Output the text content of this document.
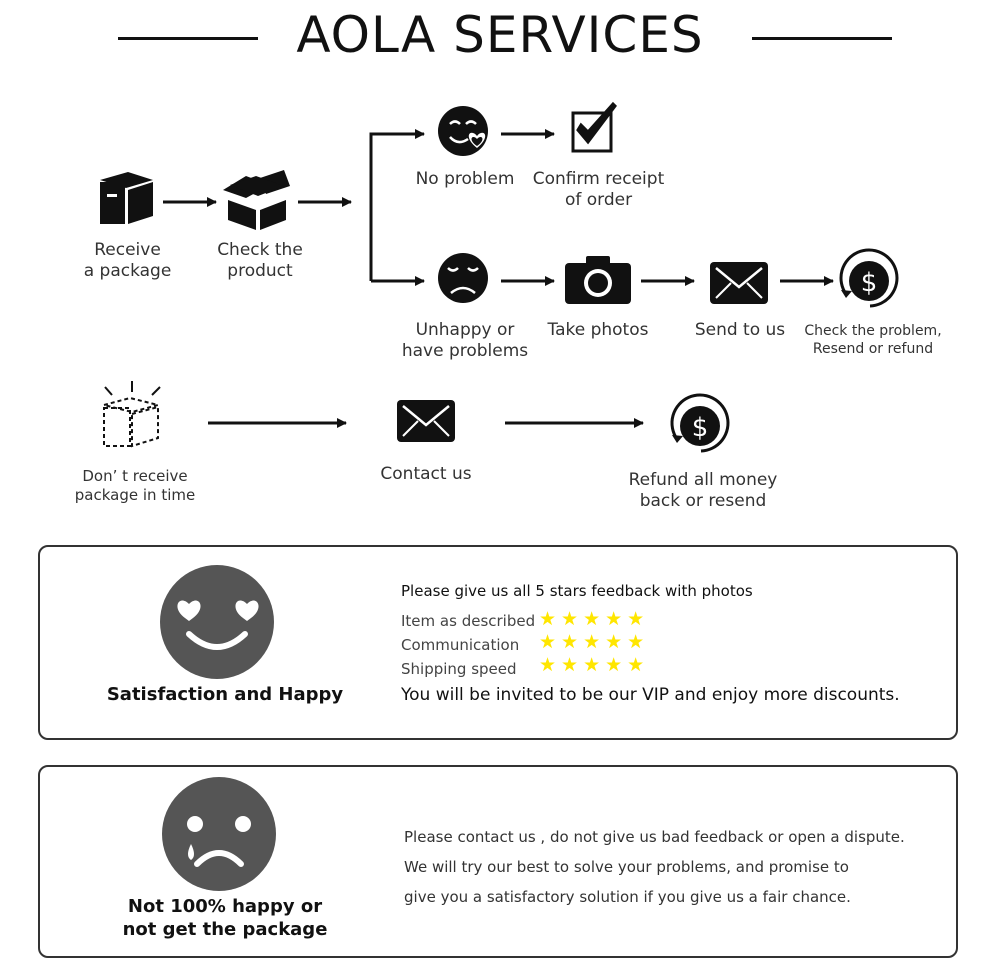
AOLA SERVICES
$
$
Receive
a package
Check the
product
No problem	Confirm receipt
of order
Unhappy or
have problems
Take photos	Send to us	Check the problem,
Resend or refund
Don’ t receive
package in time
Contact us	Refund all money
back or resend
Satisfaction and Happy
Please give us all 5 stars feedback with photos
Item as described ★★★★★
Communication ★★★★★
Shipping speed ★★★★★
You will be invited to be our VIP and enjoy more discounts.
Not 100% happy or
not get the package
Please contact us , do not give us bad feedback or open a dispute.
We will try our best to solve your problems, and promise to
give you a satisfactory solution if you give us a fair chance.
